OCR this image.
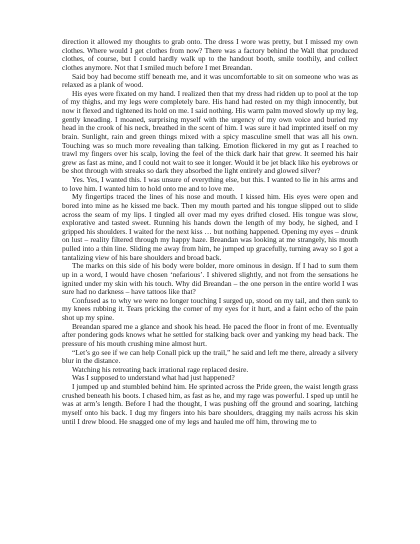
direction it allowed my thoughts to grab onto. The dress I wore was pretty, but I missed my own clothes. Where would I get clothes from now? There was a factory behind the Wall that produced clothes, of course, but I could hardly walk up to the handout booth, smile toothily, and collect clothes anymore. Not that I smiled much before I met Breandan.

Said boy had become stiff beneath me, and it was uncomfortable to sit on someone who was as relaxed as a plank of wood.

His eyes were fixated on my hand. I realized then that my dress had ridden up to pool at the top of my thighs, and my legs were completely bare. His hand had rested on my thigh innocently, but now it flexed and tightened its hold on me. I said nothing. His warm palm moved slowly up my leg, gently kneading. I moaned, surprising myself with the urgency of my own voice and buried my head in the crook of his neck, breathed in the scent of him. I was sure it had imprinted itself on my brain. Sunlight, rain and green things mixed with a spicy masculine smell that was all his own. Touching was so much more revealing than talking. Emotion flickered in my gut as I reached to trawl my fingers over his scalp, loving the feel of the thick dark hair that grew. It seemed his hair grew as fast as mine, and I could not wait to see it longer. Would it be jet black like his eyebrows or be shot through with streaks so dark they absorbed the light entirely and glowed silver?

Yes. Yes, I wanted this. I was unsure of everything else, but this. I wanted to lie in his arms and to love him. I wanted him to hold onto me and to love me.

My fingertips traced the lines of his nose and mouth. I kissed him. His eyes were open and bored into mine as he kissed me back. Then my mouth parted and his tongue slipped out to slide across the seam of my lips. I tingled all over mad my eyes drifted closed. His tongue was slow, explorative and tasted sweet. Running his hands down the length of my body, he sighed, and I gripped his shoulders. I waited for the next kiss … but nothing happened. Opening my eyes – drunk on lust – reality filtered through my happy haze. Breandan was looking at me strangely, his mouth pulled into a thin line. Sliding me away from him, he jumped up gracefully, turning away so I got a tantalizing view of his bare shoulders and broad back.

The marks on this side of his body were bolder, more ominous in design. If I had to sum them up in a word, I would have chosen ‘nefarious’. I shivered slightly, and not from the sensations he ignited under my skin with his touch. Why did Breandan – the one person in the entire world I was sure had no darkness – have tattoos like that?

Confused as to why we were no longer touching I surged up, stood on my tail, and then sunk to my knees rubbing it. Tears pricking the corner of my eyes for it hurt, and a faint echo of the pain shot up my spine.

Breandan spared me a glance and shook his head. He paced the floor in front of me. Eventually after pondering gods knows what he settled for stalking back over and yanking my head back. The pressure of his mouth crushing mine almost hurt.

“Let’s go see if we can help Conall pick up the trail,” he said and left me there, already a silvery blur in the distance.

Watching his retreating back irrational rage replaced desire.

Was I supposed to understand what had just happened?

I jumped up and stumbled behind him. He sprinted across the Pride green, the waist length grass crushed beneath his boots. I chased him, as fast as he, and my rage was powerful. I sped up until he was at arm’s length. Before I had the thought, I was pushing off the ground and soaring, latching myself onto his back. I dug my fingers into his bare shoulders, dragging my nails across his skin until I drew blood. He snagged one of my legs and hauled me off him, throwing me to
